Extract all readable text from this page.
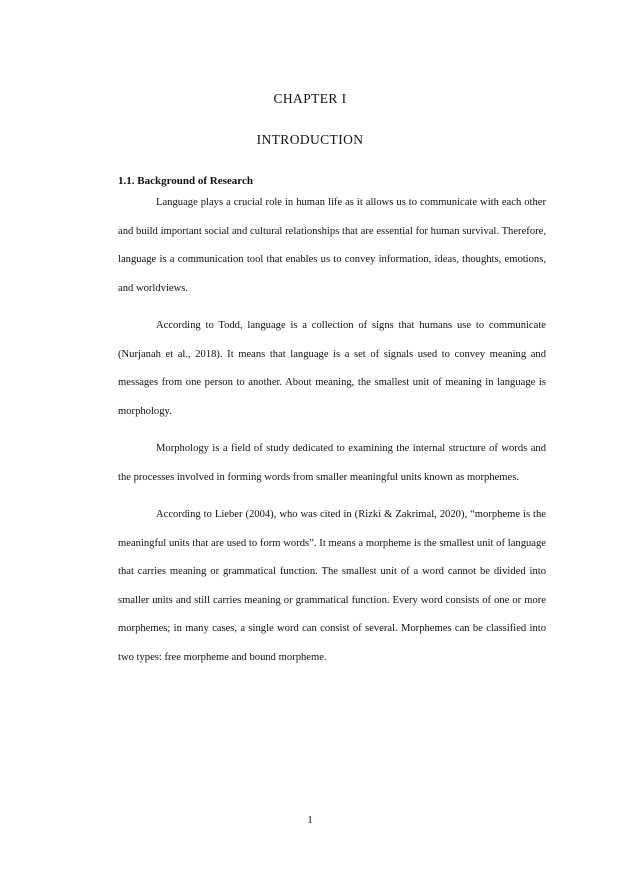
CHAPTER I
INTRODUCTION
1.1. Background of Research

Language plays a crucial role in human life as it allows us to communicate with each other and build important social and cultural relationships that are essential for human survival. Therefore, language is a communication tool that enables us to convey information, ideas, thoughts, emotions, and worldviews.

According to Todd, language is a collection of signs that humans use to communicate (Nurjanah et al., 2018). It means that language is a set of signals used to convey meaning and messages from one person to another. About meaning, the smallest unit of meaning in language is morphology.

Morphology is a field of study dedicated to examining the internal structure of words and the processes involved in forming words from smaller meaningful units known as morphemes.

According to Lieber (2004), who was cited in (Rizki & Zakrimal, 2020), “morpheme is the meaningful units that are used to form words”. It means a morpheme is the smallest unit of language that carries meaning or grammatical function. The smallest unit of a word cannot be divided into smaller units and still carries meaning or grammatical function. Every word consists of one or more morphemes; in many cases, a single word can consist of several. Morphemes can be classified into two types: free morpheme and bound morpheme.

1
